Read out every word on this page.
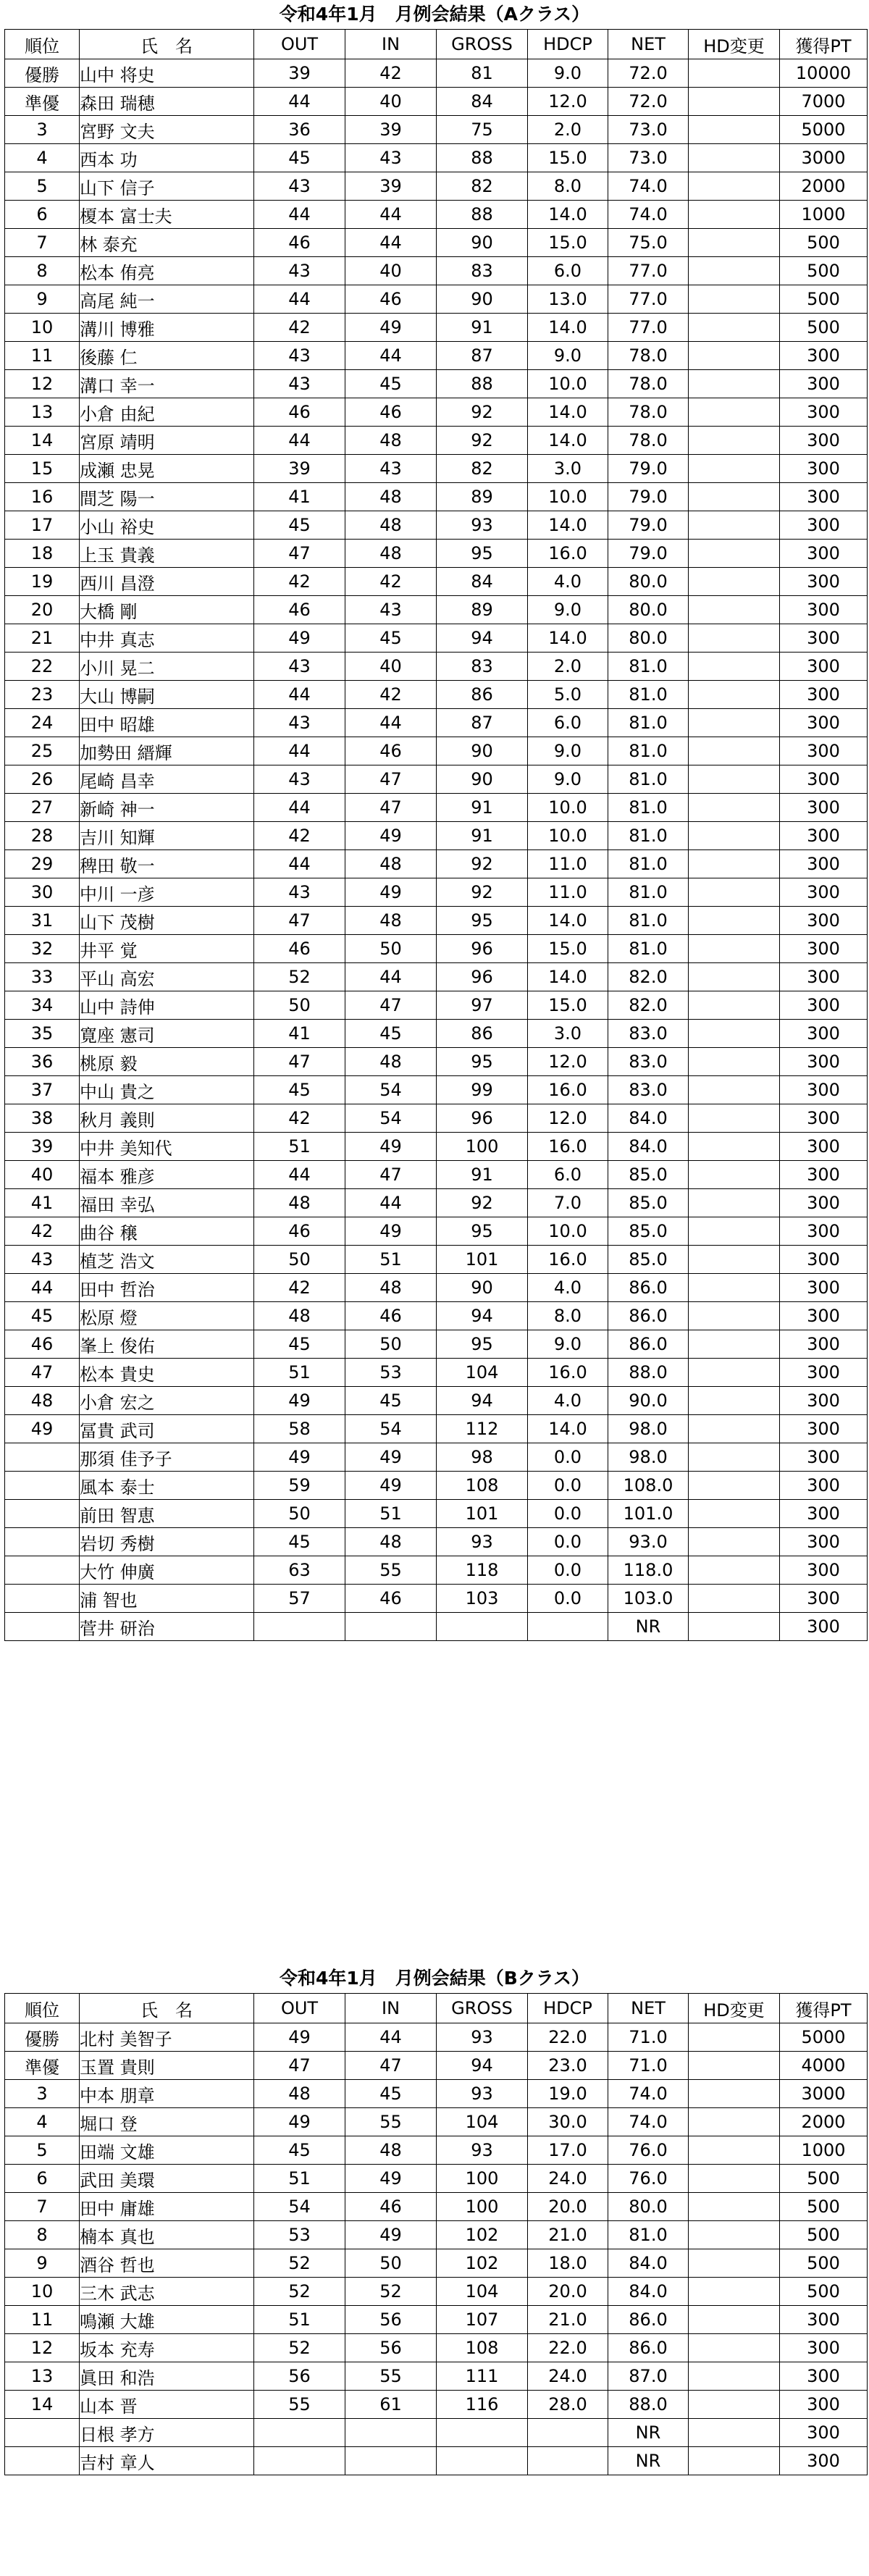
令和4年1月　月例会結果（Aクラス）
順位	氏　名	OUT	IN	GROSS	HDCP	NET	HD変更	獲得PT
優勝	山中 将史	39	42	81	9.0	72.0		10000
準優	森田 瑞穂	44	40	84	12.0	72.0		7000
3	宮野 文夫	36	39	75	2.0	73.0		5000
4	西本 功	45	43	88	15.0	73.0		3000
5	山下 信子	43	39	82	8.0	74.0		2000
6	榎本 富士夫	44	44	88	14.0	74.0		1000
7	林 泰充	46	44	90	15.0	75.0		500
8	松本 侑亮	43	40	83	6.0	77.0		500
9	高尾 純一	44	46	90	13.0	77.0		500
10	溝川 博雅	42	49	91	14.0	77.0		500
11	後藤 仁	43	44	87	9.0	78.0		300
12	溝口 幸一	43	45	88	10.0	78.0		300
13	小倉 由紀	46	46	92	14.0	78.0		300
14	宮原 靖明	44	48	92	14.0	78.0		300
15	成瀬 忠晃	39	43	82	3.0	79.0		300
16	間芝 陽一	41	48	89	10.0	79.0		300
17	小山 裕史	45	48	93	14.0	79.0		300
18	上玉 貴義	47	48	95	16.0	79.0		300
19	西川 昌澄	42	42	84	4.0	80.0		300
20	大橋 剛	46	43	89	9.0	80.0		300
21	中井 真志	49	45	94	14.0	80.0		300
22	小川 晃二	43	40	83	2.0	81.0		300
23	大山 博嗣	44	42	86	5.0	81.0		300
24	田中 昭雄	43	44	87	6.0	81.0		300
25	加勢田 縉輝	44	46	90	9.0	81.0		300
26	尾崎 昌幸	43	47	90	9.0	81.0		300
27	新崎 神一	44	47	91	10.0	81.0		300
28	吉川 知輝	42	49	91	10.0	81.0		300
29	稗田 敬一	44	48	92	11.0	81.0		300
30	中川 一彦	43	49	92	11.0	81.0		300
31	山下 茂樹	47	48	95	14.0	81.0		300
32	井平 覚	46	50	96	15.0	81.0		300
33	平山 高宏	52	44	96	14.0	82.0		300
34	山中 詩伸	50	47	97	15.0	82.0		300
35	寛座 憲司	41	45	86	3.0	83.0		300
36	桃原 毅	47	48	95	12.0	83.0		300
37	中山 貴之	45	54	99	16.0	83.0		300
38	秋月 義則	42	54	96	12.0	84.0		300
39	中井 美知代	51	49	100	16.0	84.0		300
40	福本 雅彦	44	47	91	6.0	85.0		300
41	福田 幸弘	48	44	92	7.0	85.0		300
42	曲谷 穣	46	49	95	10.0	85.0		300
43	植芝 浩文	50	51	101	16.0	85.0		300
44	田中 哲治	42	48	90	4.0	86.0		300
45	松原 燈	48	46	94	8.0	86.0		300
46	峯上 俊佑	45	50	95	9.0	86.0		300
47	松本 貴史	51	53	104	16.0	88.0		300
48	小倉 宏之	49	45	94	4.0	90.0		300
49	冨貴 武司	58	54	112	14.0	98.0		300
	那須 佳予子	49	49	98	0.0	98.0		300
	風本 泰士	59	49	108	0.0	108.0		300
	前田 智恵	50	51	101	0.0	101.0		300
	岩切 秀樹	45	48	93	0.0	93.0		300
	大竹 伸廣	63	55	118	0.0	118.0		300
	浦 智也	57	46	103	0.0	103.0		300
	菅井 研治					NR		300
令和4年1月　月例会結果（Bクラス）
順位	氏　名	OUT	IN	GROSS	HDCP	NET	HD変更	獲得PT
優勝	北村 美智子	49	44	93	22.0	71.0		5000
準優	玉置 貴則	47	47	94	23.0	71.0		4000
3	中本 朋章	48	45	93	19.0	74.0		3000
4	堀口 登	49	55	104	30.0	74.0		2000
5	田端 文雄	45	48	93	17.0	76.0		1000
6	武田 美環	51	49	100	24.0	76.0		500
7	田中 庸雄	54	46	100	20.0	80.0		500
8	楠本 真也	53	49	102	21.0	81.0		500
9	酒谷 哲也	52	50	102	18.0	84.0		500
10	三木 武志	52	52	104	20.0	84.0		500
11	鳴瀬 大雄	51	56	107	21.0	86.0		300
12	坂本 充寿	52	56	108	22.0	86.0		300
13	眞田 和浩	56	55	111	24.0	87.0		300
14	山本 晋	55	61	116	28.0	88.0		300
	日根 孝方					NR		300
	吉村 章人					NR		300
